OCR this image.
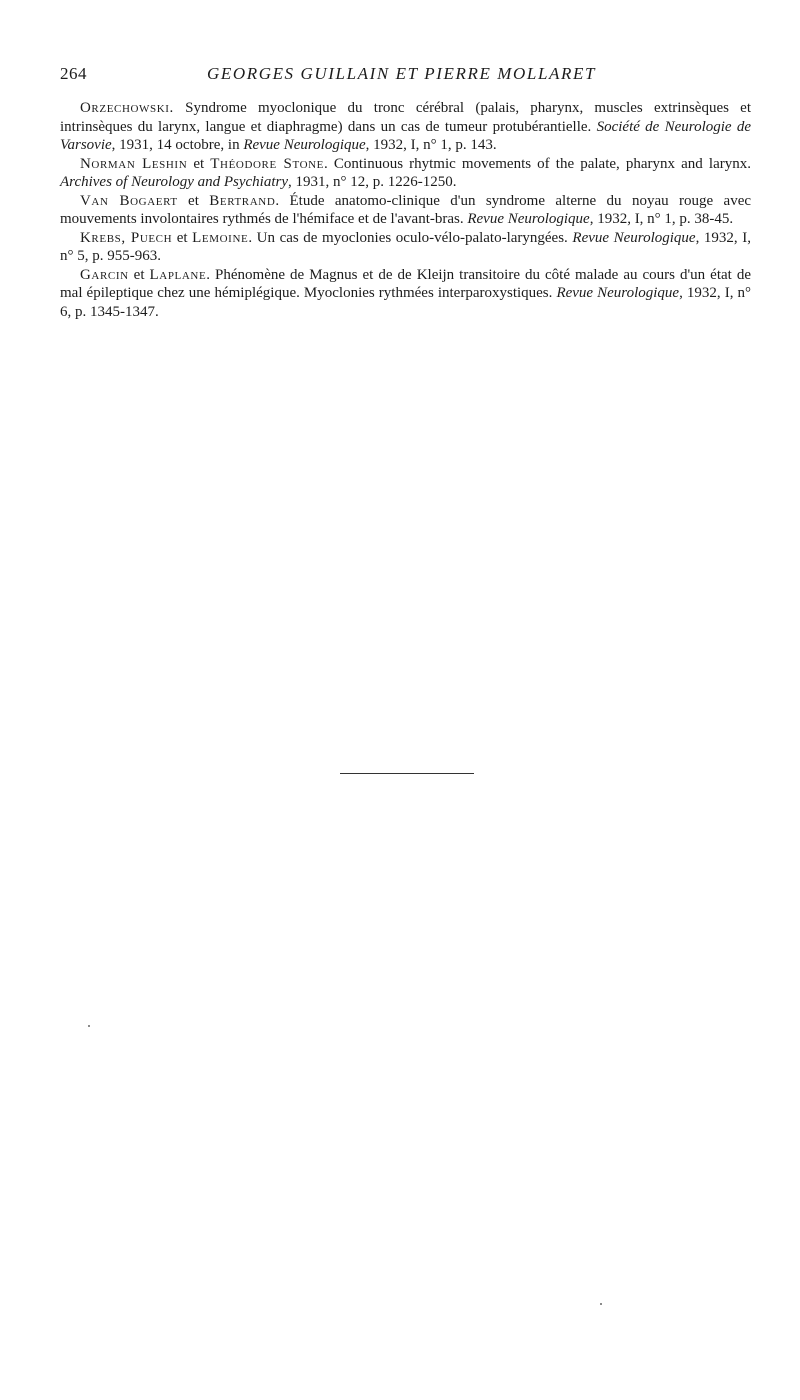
264	GEORGES GUILLAIN ET PIERRE MOLLARET

Orzechowski. Syndrome myoclonique du tronc cérébral (palais, pharynx, muscles extrinsèques et intrinsèques du larynx, langue et diaphragme) dans un cas de tumeur protubérantielle. Société de Neurologie de Varsovie, 1931, 14 octobre, in Revue Neurologique, 1932, I, n° 1, p. 143.

Norman Leshin et Théodore Stone. Continuous rhytmic movements of the palate, pharynx and larynx. Archives of Neurology and Psychiatry, 1931, n° 12, p. 1226-1250.

Van Bogaert et Bertrand. Étude anatomo-clinique d'un syndrome alterne du noyau rouge avec mouvements involontaires rythmés de l'hémiface et de l'avant-bras. Revue Neurologique, 1932, I, n° 1, p. 38-45.

Krebs, Puech et Lemoine. Un cas de myoclonies oculo-vélo-palato-laryngées. Revue Neurologique, 1932, I, n° 5, p. 955-963.

Garcin et Laplane. Phénomène de Magnus et de de Kleijn transitoire du côté malade au cours d'un état de mal épileptique chez une hémiplégique. Myoclonies rythmées interparoxystiques. Revue Neurologique, 1932, I, n° 6, p. 1345-1347.
